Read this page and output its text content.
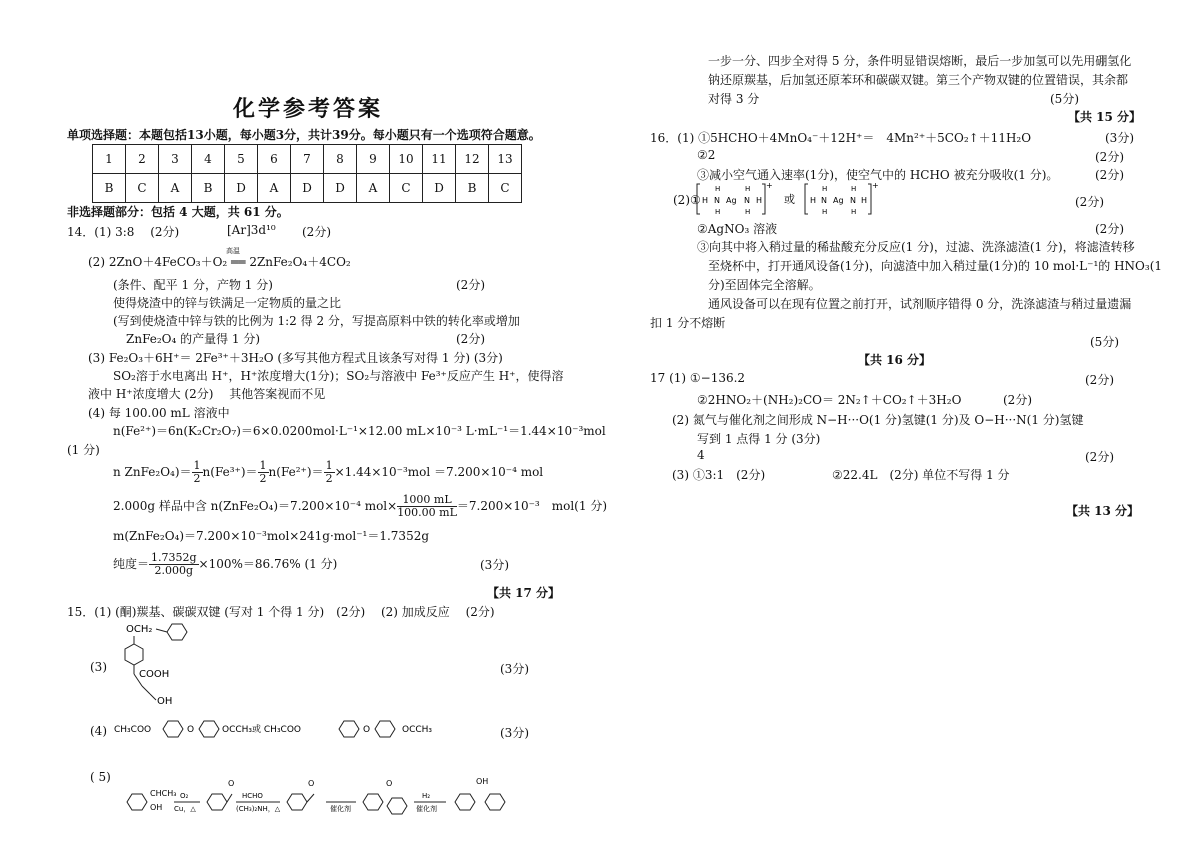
化学参考答案
单项选择题：本题包括13小题，每小题3分，共计39分。每小题只有一个选项符合题意。
1	2	3	4	5	6	7	8	9	10	11	12	13
B	C	A	B	D	A	D	D	A	C	D	B	C
非选择题部分：包括 4 大题，共 61 分。
14．(1) 3:8　 (2分)	[Ar]3d¹⁰ (2分)
(2) 2ZnO＋4FeCO₃＋O₂ ══ 2ZnFe₂O₄＋4CO₂
高温
(条件、配平 1 分，产物 1 分)	(2分)
使得烧渣中的锌与铁满足一定物质的量之比
(写到使烧渣中锌与铁的比例为 1:2 得 2 分，写提高原料中铁的转化率或增加
ZnFe₂O₄ 的产量得 1 分)	(2分)
(3) Fe₂O₃＋6H⁺＝ 2Fe³⁺＋3H₂O (多写其他方程式且该条写对得 1 分) (3分)
SO₂溶于水电离出 H⁺，H⁺浓度增大(1分)；SO₂与溶液中 Fe³⁺反应产生 H⁺，使得溶
液中 H⁺浓度增大 (2分)　 其他答案视而不见
(4) 每 100.00 mL 溶液中
n(Fe²⁺)＝6n(K₂Cr₂O₇)＝6×0.0200mol·L⁻¹×12.00 mL×10⁻³ L·mL⁻¹＝1.44×10⁻³mol
(1 分)
n ZnFe₂O₄)＝ $\frac{1}{2} n(Fe^{3+})= \frac{1}{2} n(Fe^{2+})= \frac{1}{2} \times 1.44\times 10^{-3}mol =7.200\times 10^{-4}$ mol
2.000g 样品中含 n(ZnFe₂O₄)＝7.200×10⁻⁴ $mol\times \frac{1000 mL}{100.00 mL} =7.200\times 10^{-3}$　mol(1 分)
m(ZnFe₂O₄)＝7.200×10⁻³mol×241g·mol⁻¹＝1.7352g
纯度＝ $\frac{1.7352g}{2.000g} \times 100\%=86.76\%$ (1 分)	(3分)
【共 17 分】
15．(1) (酮)羰基、碳碳双键 (写对 1 个得 1 分)　(2分)　 (2) 加成反应　 (2分)
(3)	(3分)
OCH₂
COOH
OH
(4) CH₃COO	O	OCCH₃或 CH₃COO	O	OCCH₃	(3分)
( 5)
CHCH₃
OH
O₂
Cu，△
O
HCHO
(CH₃)₂NH，△
O
催化剂
O
H₂
催化剂
OH
一步一分、四步全对得 5 分，条件明显错误熔断，最后一步加氢可以先用硼氢化
钠还原羰基，后加氢还原苯环和碳碳双键。第三个产物双键的位置错误，其余都
对得 3 分	(5分)
【共 15 分】
16．(1) ①5HCHO＋4MnO₄⁻＋12H⁺＝　4Mn²⁺＋5CO₂↑＋11H₂O	(3分)
②2	(2分)
③减小空气通入速率(1分)，使空气中的 HCHO 被充分吸收(1 分)。	(2分)
(2)① H N
H
H
Ag N
H
H
H
+
或 H N
H
H
Ag N
H
H
H
+
(2分)
②AgNO₃ 溶液	(2分)
③向其中将入稍过量的稀盐酸充分反应(1 分)，过滤、洗涤滤渣(1 分)，将滤渣转移
至烧杯中，打开通风设备(1分)，向滤渣中加入稍过量(1分)的 10 mol·L⁻¹的 HNO₃(1
分)至固体完全溶解。
通风设备可以在现有位置之前打开，试剂顺序错得 0 分，洗涤滤渣与稍过量遗漏
扣 1 分不熔断
(5分)
【共 16 分】
17 (1) ①−136.2	(2分)
②2HNO₂＋(NH₂)₂CO＝ 2N₂↑＋CO₂↑＋3H₂O	(2分)
(2) 氮气与催化剂之间形成 N−H···O(1 分)氢键(1 分)及 O−H···N(1 分)氢键
写到 1 点得 1 分 (3分)
4	(2分)
(3) ①3:1　(2分)	②22.4L　(2分) 单位不写得 1 分
【共 13 分】
